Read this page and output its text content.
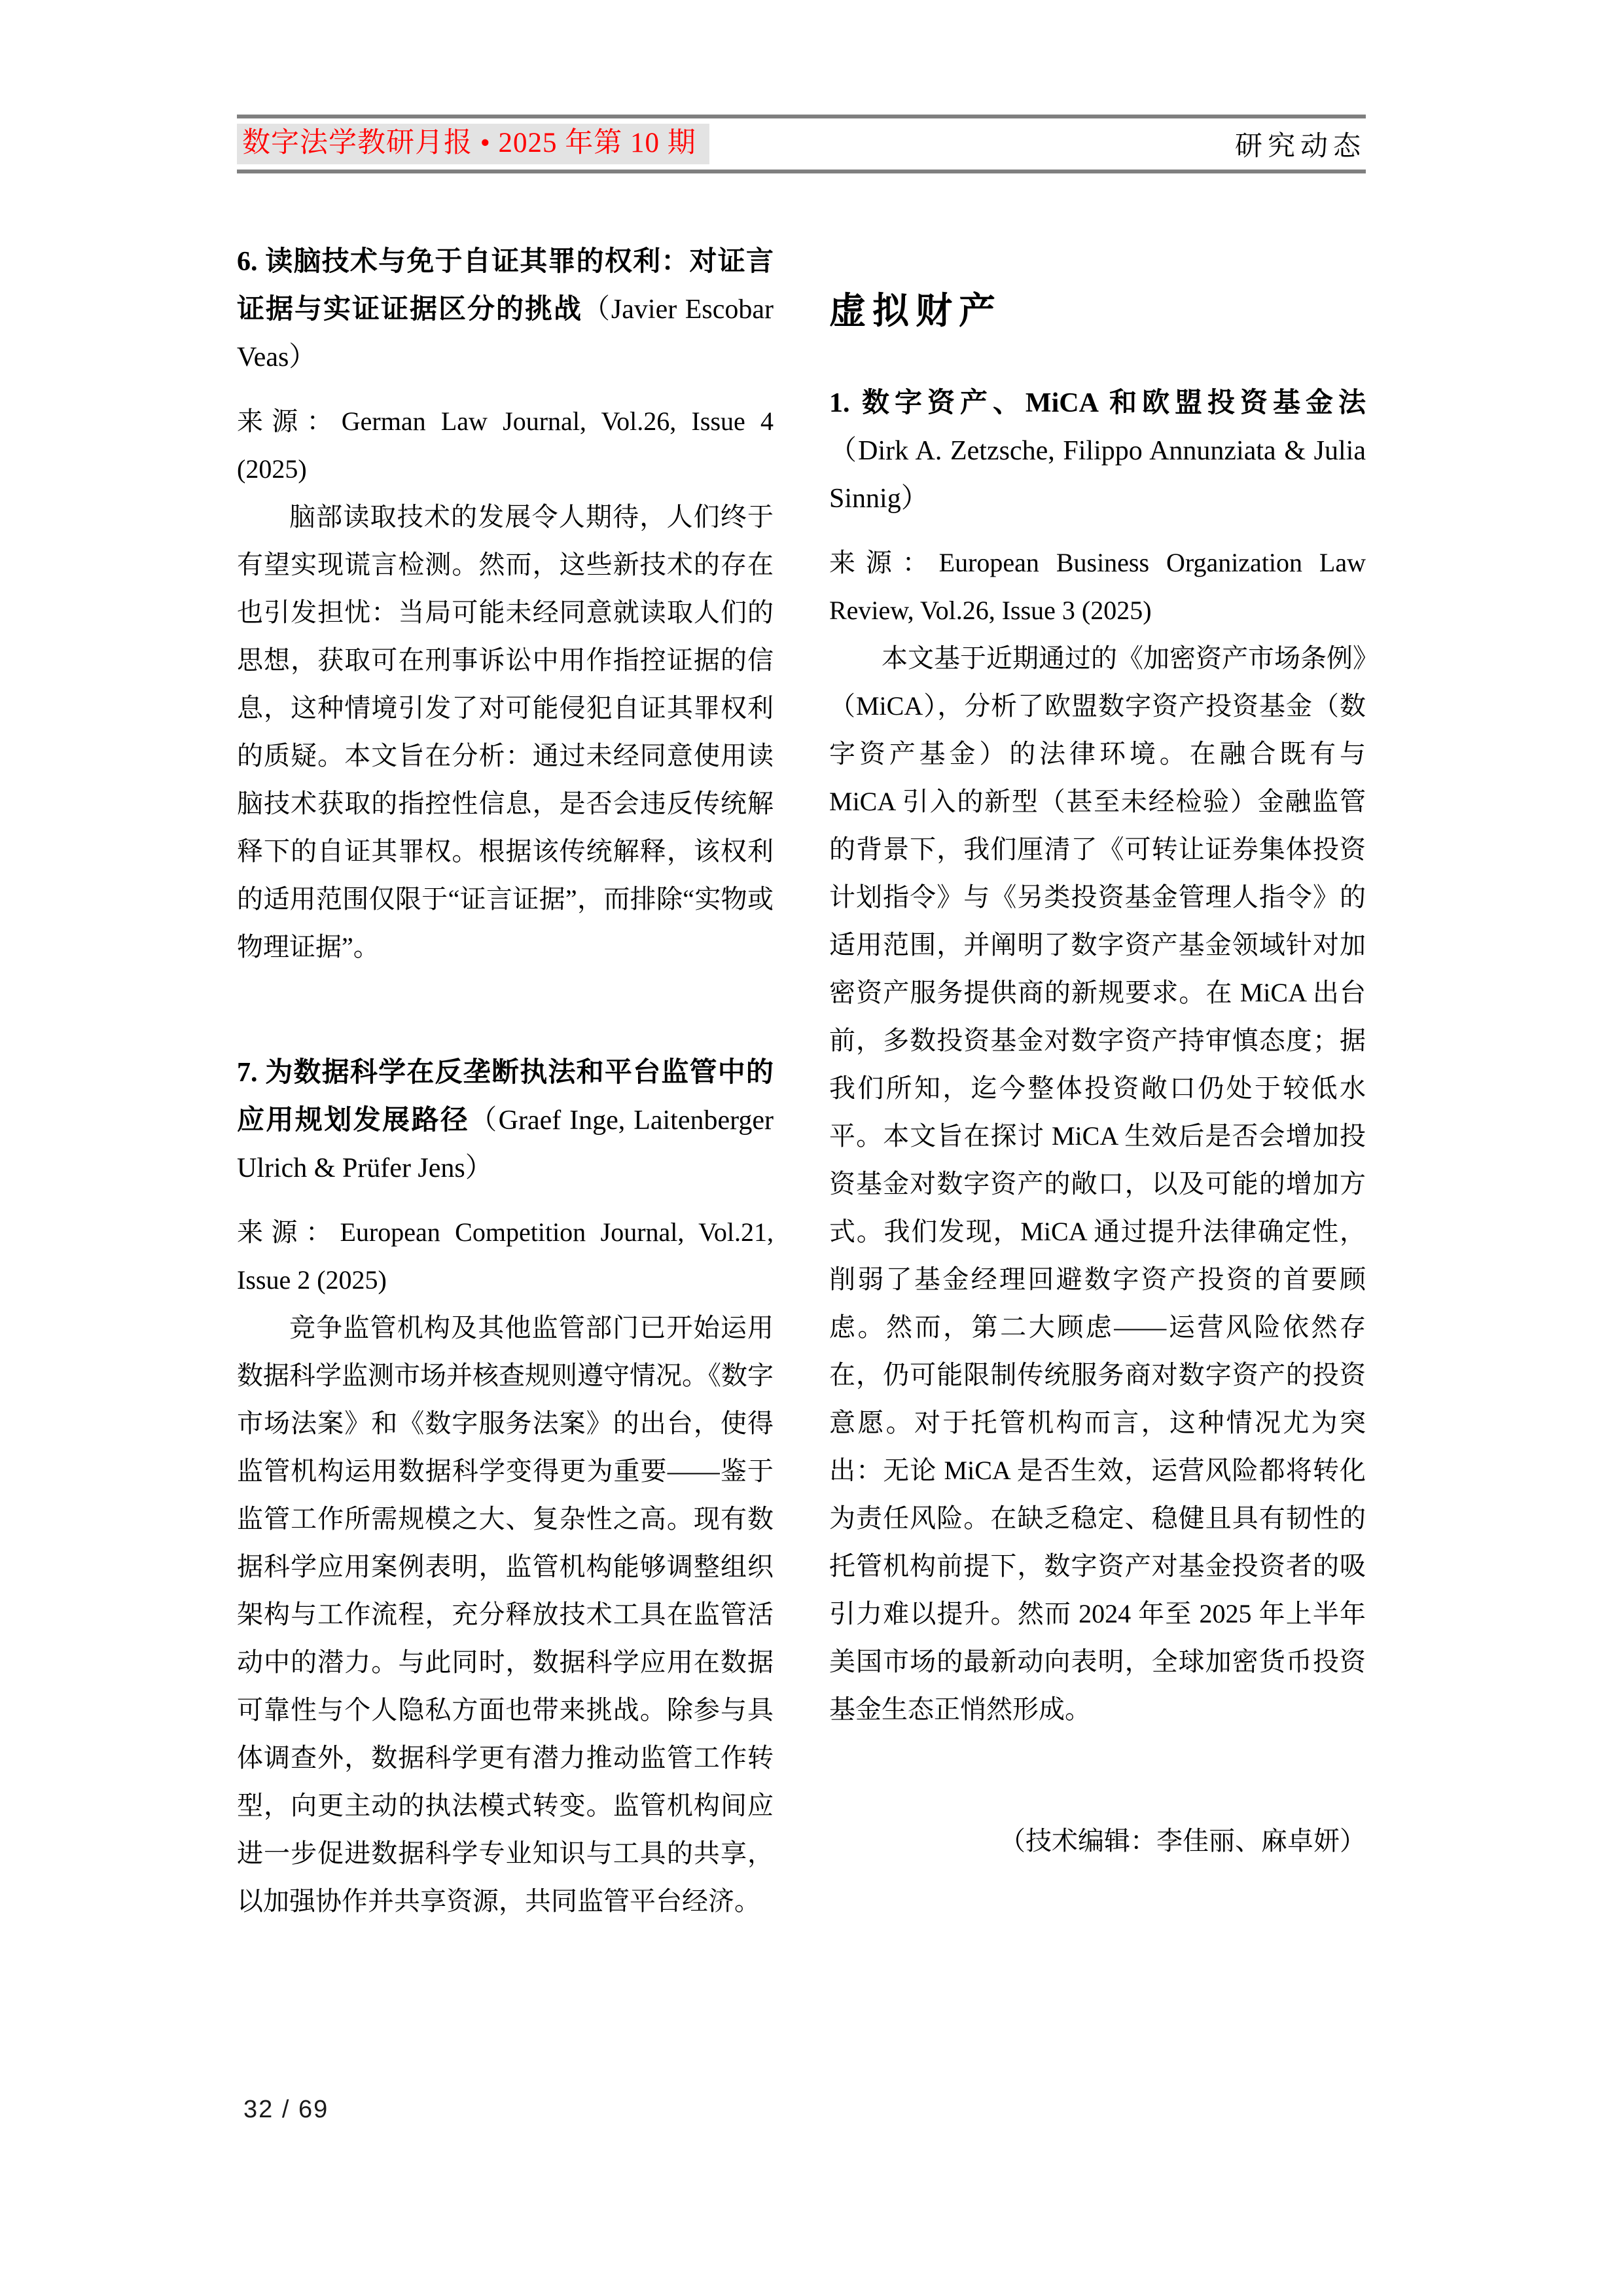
数字法学教研月报 • 2025 年第 10 期	研究动态

6. 读脑技术与免于自证其罪的权利：对证言证据与实证证据区分的挑战（Javier Escobar Veas）

来源：German Law Journal, Vol.26, Issue 4 (2025)

脑部读取技术的发展令人期待，人们终于有望实现谎言检测。然而，这些新技术的存在也引发担忧：当局可能未经同意就读取人们的思想，获取可在刑事诉讼中用作指控证据的信息，这种情境引发了对可能侵犯自证其罪权利的质疑。本文旨在分析：通过未经同意使用读脑技术获取的指控性信息，是否会违反传统解释下的自证其罪权。根据该传统解释，该权利的适用范围仅限于“证言证据”，而排除“实物或物理证据”。

7. 为数据科学在反垄断执法和平台监管中的应用规划发展路径（Graef Inge, Laitenberger Ulrich & Prüfer Jens）

来源：European Competition Journal, Vol.21, Issue 2 (2025)

竞争监管机构及其他监管部门已开始运用数据科学监测市场并核查规则遵守情况。《数字市场法案》和《数字服务法案》的出台，使得监管机构运用数据科学变得更为重要——鉴于监管工作所需规模之大、复杂性之高。现有数据科学应用案例表明，监管机构能够调整组织架构与工作流程，充分释放技术工具在监管活动中的潜力。与此同时，数据科学应用在数据可靠性与个人隐私方面也带来挑战。除参与具体调查外，数据科学更有潜力推动监管工作转型，向更主动的执法模式转变。监管机构间应进一步促进数据科学专业知识与工具的共享，以加强协作并共享资源，共同监管平台经济。

虚拟财产

1. 数字资产、MiCA 和欧盟投资基金法（Dirk A. Zetzsche, Filippo Annunziata & Julia Sinnig）

来源：European Business Organization Law Review, Vol.26, Issue 3 (2025)

本文基于近期通过的《加密资产市场条例》（MiCA），分析了欧盟数字资产投资基金（数字资产基金）的法律环境。在融合既有与 MiCA 引入的新型（甚至未经检验）金融监管的背景下，我们厘清了《可转让证券集体投资计划指令》与《另类投资基金管理人指令》的适用范围，并阐明了数字资产基金领域针对加密资产服务提供商的新规要求。在 MiCA 出台前，多数投资基金对数字资产持审慎态度；据我们所知，迄今整体投资敞口仍处于较低水平。本文旨在探讨 MiCA 生效后是否会增加投资基金对数字资产的敞口，以及可能的增加方式。我们发现，MiCA 通过提升法律确定性，削弱了基金经理回避数字资产投资的首要顾虑。然而，第二大顾虑——运营风险依然存在，仍可能限制传统服务商对数字资产的投资意愿。对于托管机构而言，这种情况尤为突出：无论 MiCA 是否生效，运营风险都将转化为责任风险。在缺乏稳定、稳健且具有韧性的托管机构前提下，数字资产对基金投资者的吸引力难以提升。然而 2024 年至 2025 年上半年美国市场的最新动向表明，全球加密货币投资基金生态正悄然形成。

（技术编辑：李佳丽、麻卓妍）

32 / 69
